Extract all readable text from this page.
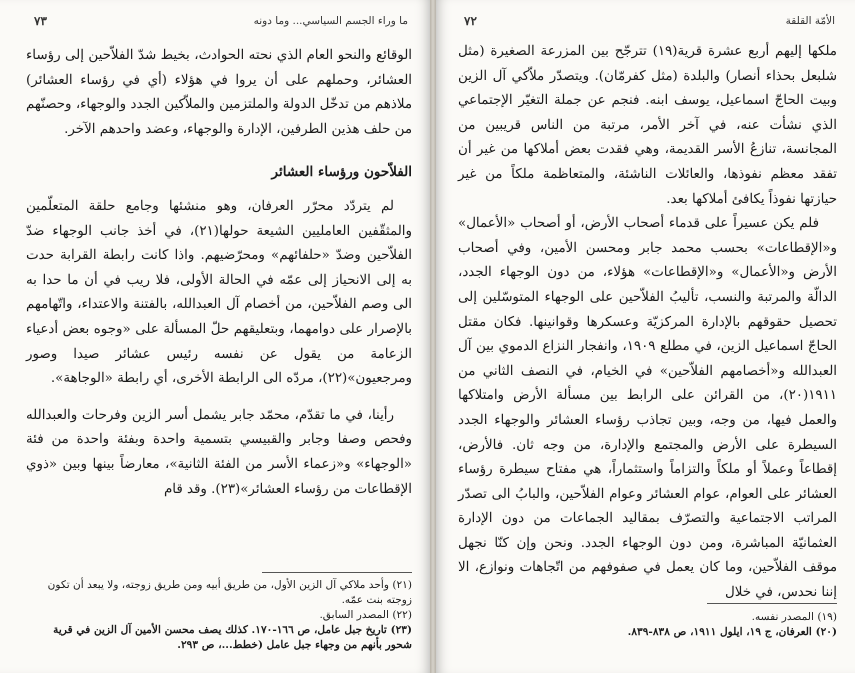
٧٣	ما وراء الجسم السياسي... وما دونه

الوقائع والنحو العام الذي نحته الحوادث، بخيط شدّ الفلاّحين إلى رؤساء العشائر، وحملهم على أن يروا في هؤلاء (أي في رؤساء العشائر) ملاذهم من تدخّل الدولة والملتزمين والملاّكين الجدد والوجهاء، وحصنّهم من حلف هذين الطرفين، الإدارة والوجهاء، وعضد واحدهم الآخر.

الفلاّحون ورؤساء العشائر

لم يتردّد محرّر العرفان، وهو منشئها وجامع حلقة المتعلّمين والمثقّفين العامليين الشيعة حولها(٢١)، في أخذ جانب الوجهاء ضدّ الفلاّحين وضدّ «حلفائهم» ومحرّضيهم. واذا كانت رابطة القرابة حدت به إلى الانحياز إلى عمّه في الحالة الأولى، فلا ريب في أن ما حدا به الى وصم الفلاّحين، من أخصام آل العبدالله، بالفتنة والاعتداء، واتّهامهم بالإصرار على دوامهما، وبتعليقهم حلّ المسألة على «وجوه بعض أدعياء الزعامة من يقول عن نفسه رئيس عشائر صيدا وصور ومرجعيون»(٢٢)، مردّه الى الرابطة الأخرى، أي رابطة «الوجاهة».

رأينا، في ما تقدّم، محمّد جابر يشمل أسر الزين وفرحات والعبدالله وفحص وصفا وجابر والقبيسي بتسمية واحدة وبفئة واحدة من فئة «الوجهاء» و«زعماء الأسر من الفئة الثانية»، معارضاً بينها وبين «ذوي الإقطاعات من رؤساء العشائر»(٢٣). وقد قام

(٢١) وأحد ملاكي آل الزين الأول، من طريق أبيه ومن طريق زوجته، ولا يبعد أن تكون زوجته بنت عمّه.
(٢٢) المصدر السابق.
(٢٣) تاريخ جبل عامل، ص ١٦٦-١٧٠. كذلك يصف محسن الأمين آل الزين في قرية شحور بأنهم من وجهاء جبل عامل (خطط...، ص ٢٩٣.
٧٢	الأمّة القلقة

ملكها إليهم أربع عشرة قرية(١٩) تترجّح بين المزرعة الصغيرة (مثل شلبعل بحذاء أنصار) والبلدة (مثل كفرمّان). ويتصدّر ملاّكي آل الزين وبيت الحاجّ اسماعيل، يوسف ابنه. فنجم عن جملة التغيّر الإجتماعي الذي نشأت عنه، في آخر الأمر، مرتبة من الناس قريبين من المجانسة، تنازعُ الأسر القديمة، وهي فقدت بعض أملاكها من غير أن تفقد معظم نفوذها، والعائلات الناشئة، والمتعاظمة ملكاً من غير حيازتها نفوذاً يكافئ أملاكها بعد.

فلم يكن عسيراً على قدماء أصحاب الأرض، أو أصحاب «الأعمال» و«الإقطاعات» بحسب محمد جابر ومحسن الأمين، وفي أصحاب الأرض و«الأعمال» و«الإقطاعات» هؤلاء، من دون الوجهاء الجدد، الدالّة والمرتبة والنسب، تأليبُ الفلاّحين على الوجهاء المتوسّلين إلى تحصيل حقوقهم بالإدارة المركزيّة وعسكرها وقوانينها. فكان مقتل الحاجّ اسماعيل الزين، في مطلع ١٩٠٩، وانفجار النزاع الدموي بين آل العبدالله و«أخصامهم الفلاّحين» في الخيام، في النصف الثاني من ١٩١١(٢٠)، من القرائن على الرابط بين مسألة الأرض وامتلاكها والعمل فيها، من وجه، وبين تجاذب رؤساء العشائر والوجهاء الجدد السيطرة على الأرض والمجتمع والإدارة، من وجه ثان. فالأرض، إقطاعاً وعملاً أو ملكاً والتزاماً واستثماراً، هي مفتاح سيطرة رؤساء العشائر على العوام، عوام العشائر وعوام الفلاّحين، والبابُ الى تصدّر المراتب الاجتماعية والتصرّف بمقاليد الجماعات من دون الإدارة العثمانيّة المباشرة، ومن دون الوجهاء الجدد. ونحن وإن كنّا نجهل موقف الفلاّحين، وما كان يعمل في صفوفهم من اتّجاهات ونوازع، الا إننا نحدس، في خلال

(١٩) المصدر نفسه.
(٢٠) العرفان، ج ١٩، ايلول ١٩١١، ص ٨٣٨-٨٣٩.
